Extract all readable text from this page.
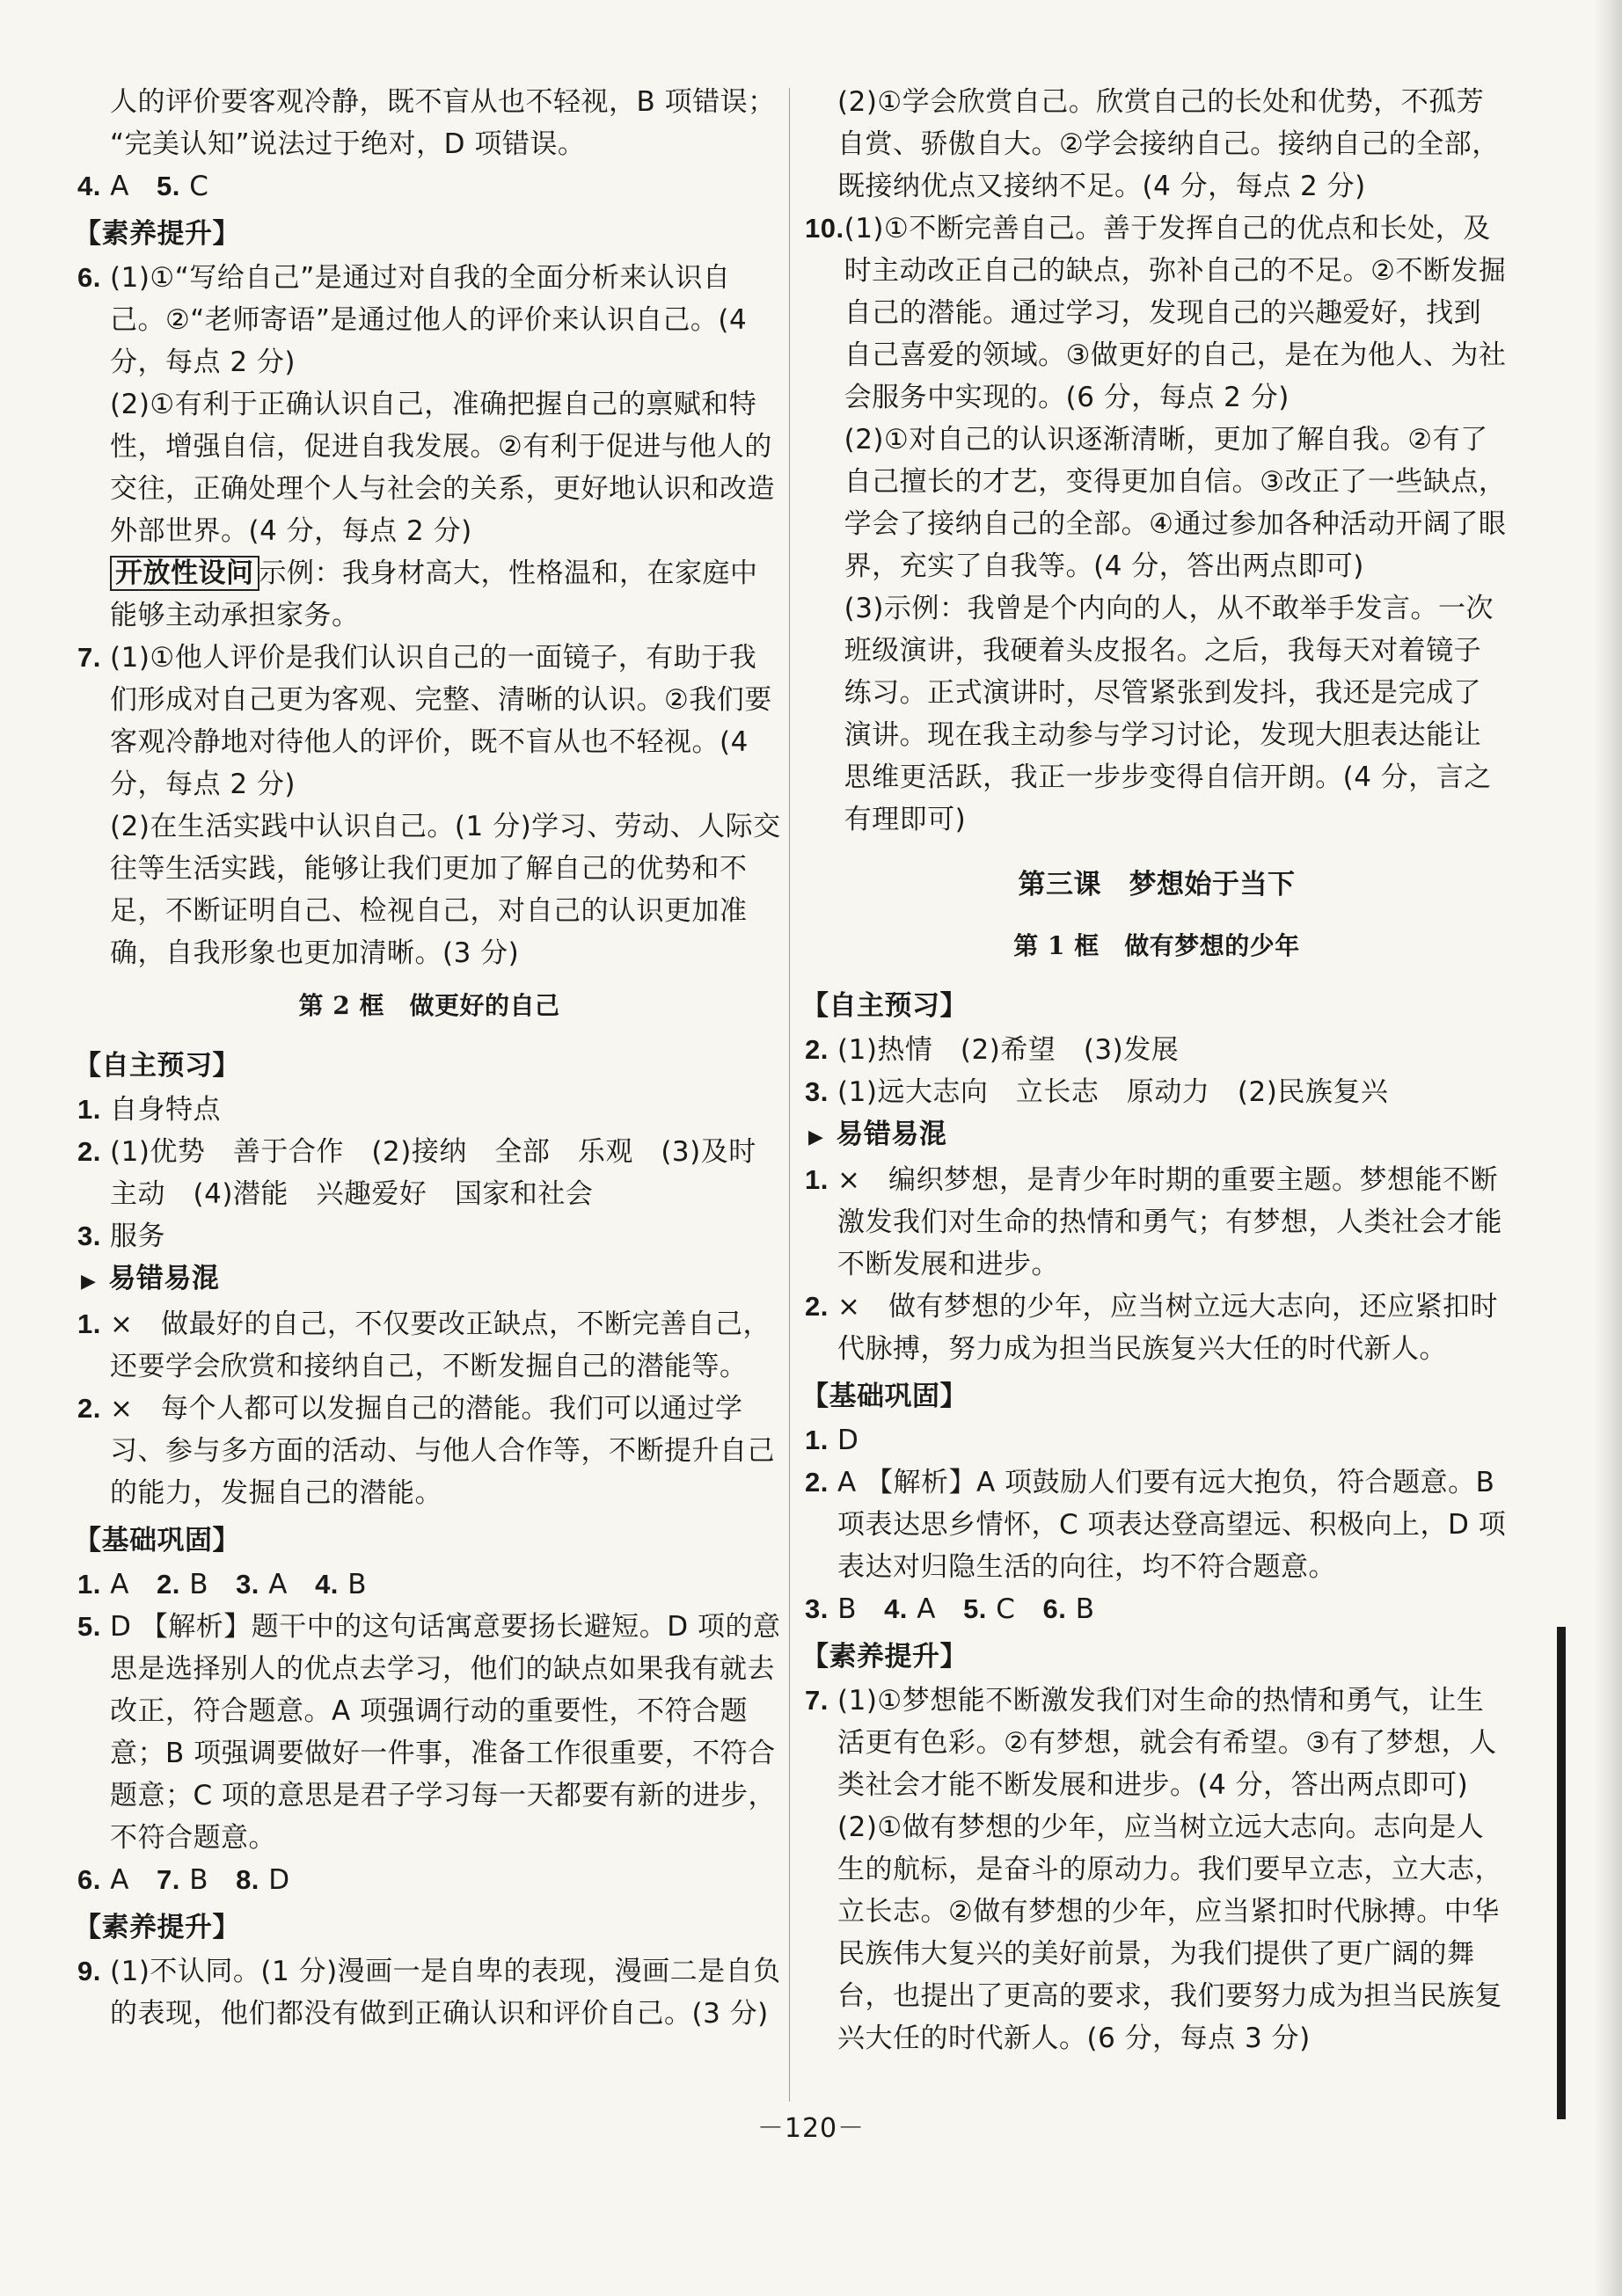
人的评价要客观冷静，既不盲从也不轻视，B 项错误；
“完美认知”说法过于绝对，D 项错误。
4. A 5. C
【素养提升】
6. (1)①“写给自己”是通过对自我的全面分析来认识自己。②“老师寄语”是通过他人的评价来认识自己。(4 分，每点 2 分)
(2)①有利于正确认识自己，准确把握自己的禀赋和特性，增强自信，促进自我发展。②有利于促进与他人的交往，正确处理个人与社会的关系，更好地认识和改造外部世界。(4 分，每点 2 分)
开放性设问 示例：我身材高大，性格温和，在家庭中能够主动承担家务。
7. (1)①他人评价是我们认识自己的一面镜子，有助于我们形成对自己更为客观、完整、清晰的认识。②我们要客观冷静地对待他人的评价，既不盲从也不轻视。(4 分，每点 2 分)
(2)在生活实践中认识自己。(1 分)学习、劳动、人际交往等生活实践，能够让我们更加了解自己的优势和不足，不断证明自己、检视自己，对自己的认识更加准确，自我形象也更加清晰。(3 分)
第 2 框　做更好的自己
【自主预习】
1. 自身特点
2. (1)优势　善于合作　(2)接纳　全部　乐观　(3)及时主动　(4)潜能　兴趣爱好　国家和社会
3. 服务
▶ 易错易混
1. ×　做最好的自己，不仅要改正缺点，不断完善自己，还要学会欣赏和接纳自己，不断发掘自己的潜能等。
2. ×　每个人都可以发掘自己的潜能。我们可以通过学习、参与多方面的活动、与他人合作等，不断提升自己的能力，发掘自己的潜能。
【基础巩固】
1. A 2. B 3. A 4. B
5. D 【解析】题干中的这句话寓意要扬长避短。D 项的意思是选择别人的优点去学习，他们的缺点如果我有就去改正，符合题意。A 项强调行动的重要性，不符合题意；B 项强调要做好一件事，准备工作很重要，不符合题意；C 项的意思是君子学习每一天都要有新的进步，不符合题意。
6. A 7. B 8. D
【素养提升】
9. (1)不认同。(1 分)漫画一是自卑的表现，漫画二是自负的表现，他们都没有做到正确认识和评价自己。(3 分)
(2)①学会欣赏自己。欣赏自己的长处和优势，不孤芳自赏、骄傲自大。②学会接纳自己。接纳自己的全部，既接纳优点又接纳不足。(4 分，每点 2 分)
10. (1)①不断完善自己。善于发挥自己的优点和长处，及时主动改正自己的缺点，弥补自己的不足。②不断发掘自己的潜能。通过学习，发现自己的兴趣爱好，找到自己喜爱的领域。③做更好的自己，是在为他人、为社会服务中实现的。(6 分，每点 2 分)
(2)①对自己的认识逐渐清晰，更加了解自我。②有了自己擅长的才艺，变得更加自信。③改正了一些缺点，学会了接纳自己的全部。④通过参加各种活动开阔了眼界，充实了自我等。(4 分，答出两点即可)
(3)示例：我曾是个内向的人，从不敢举手发言。一次班级演讲，我硬着头皮报名。之后，我每天对着镜子练习。正式演讲时，尽管紧张到发抖，我还是完成了演讲。现在我主动参与学习讨论，发现大胆表达能让思维更活跃，我正一步步变得自信开朗。(4 分，言之有理即可)
第三课　梦想始于当下
第 1 框　做有梦想的少年
【自主预习】
2. (1)热情　(2)希望　(3)发展
3. (1)远大志向　立长志　原动力　(2)民族复兴
▶ 易错易混
1. ×　编织梦想，是青少年时期的重要主题。梦想能不断激发我们对生命的热情和勇气；有梦想，人类社会才能不断发展和进步。
2. ×　做有梦想的少年，应当树立远大志向，还应紧扣时代脉搏，努力成为担当民族复兴大任的时代新人。
【基础巩固】
1. D
2. A 【解析】A 项鼓励人们要有远大抱负，符合题意。B 项表达思乡情怀，C 项表达登高望远、积极向上，D 项表达对归隐生活的向往，均不符合题意。
3. B 4. A 5. C 6. B
【素养提升】
7. (1)①梦想能不断激发我们对生命的热情和勇气，让生活更有色彩。②有梦想，就会有希望。③有了梦想，人类社会才能不断发展和进步。(4 分，答出两点即可)
(2)①做有梦想的少年，应当树立远大志向。志向是人生的航标，是奋斗的原动力。我们要早立志，立大志，立长志。②做有梦想的少年，应当紧扣时代脉搏。中华民族伟大复兴的美好前景，为我们提供了更广阔的舞台，也提出了更高的要求，我们要努力成为担当民族复兴大任的时代新人。(6 分，每点 3 分)
－120－
